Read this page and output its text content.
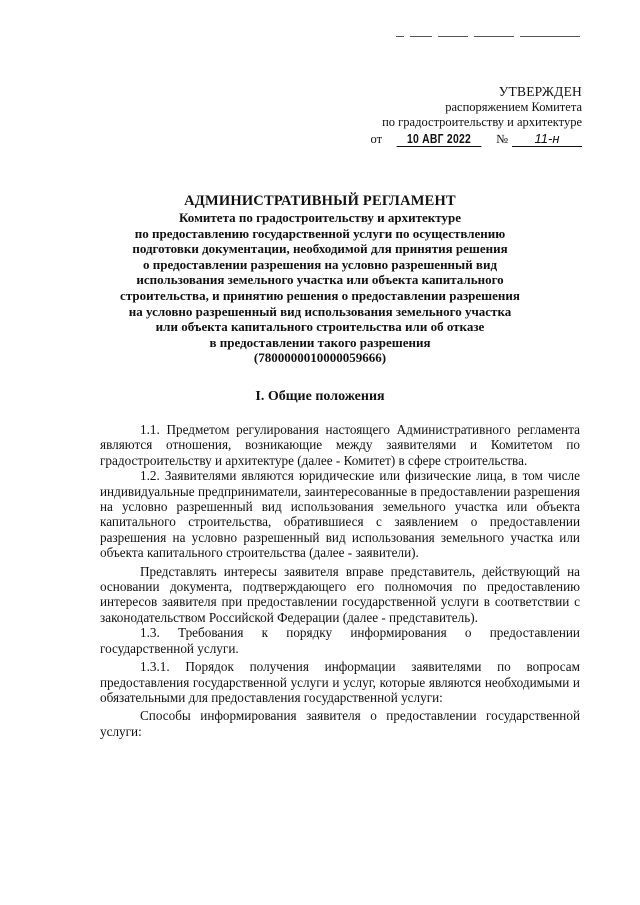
УТВЕРЖДЕН
распоряжением Комитета
по градостроительству и архитектуре
от	10 АВГ 2022	№	11-н
АДМИНИСТРАТИВНЫЙ РЕГЛАМЕНТ
Комитета по градостроительству и архитектуре
по предоставлению государственной услуги по осуществлению
подготовки документации, необходимой для принятия решения
о предоставлении разрешения на условно разрешенный вид
использования земельного участка или объекта капитального
строительства, и принятию решения о предоставлении разрешения
на условно разрешенный вид использования земельного участка
или объекта капитального строительства или об отказе
в предоставлении такого разрешения
(7800000010000059666)
I. Общие положения

1.1. Предметом регулирования настоящего Административного регламента являются отношения, возникающие между заявителями и Комитетом по градостроительству и архитектуре (далее - Комитет) в сфере строительства.

1.2. Заявителями являются юридические или физические лица, в том числе индивидуальные предприниматели, заинтересованные в предоставлении разрешения на условно разрешенный вид использования земельного участка или объекта капитального строительства, обратившиеся с заявлением о предоставлении разрешения на условно разрешенный вид использования земельного участка или объекта капитального строительства (далее - заявители).

Представлять интересы заявителя вправе представитель, действующий на основании документа, подтверждающего его полномочия по предоставлению интересов заявителя при предоставлении государственной услуги в соответствии с законодательством Российской Федерации (далее - представитель).

1.3. Требования к порядку информирования о предоставлении государственной услуги.

1.3.1. Порядок получения информации заявителями по вопросам предоставления государственной услуги и услуг, которые являются необходимыми и обязательными для предоставления государственной услуги:

Способы информирования заявителя о предоставлении государственной услуги:
